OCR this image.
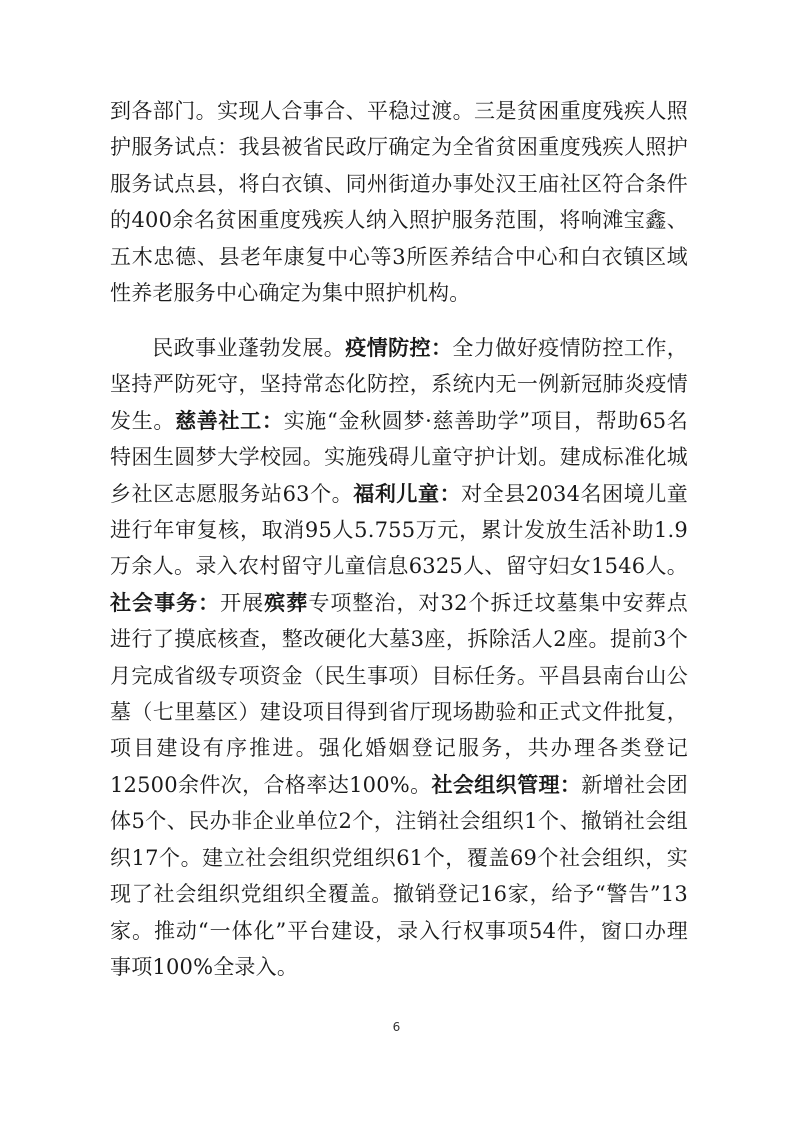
到各部门。实现人合事合、平稳过渡。三是贫困重度残疾人照护服务试点：我县被省民政厅确定为全省贫困重度残疾人照护服务试点县，将白衣镇、同州街道办事处汉王庙社区符合条件的400余名贫困重度残疾人纳入照护服务范围，将响滩宝鑫、五木忠德、县老年康复中心等3所医养结合中心和白衣镇区域性养老服务中心确定为集中照护机构。
民政事业蓬勃发展。疫情防控：全力做好疫情防控工作，坚持严防死守，坚持常态化防控，系统内无一例新冠肺炎疫情发生。慈善社工：实施“金秋圆梦·慈善助学”项目，帮助65名特困生圆梦大学校园。实施残碍儿童守护计划。建成标准化城乡社区志愿服务站63个。福利儿童：对全县2034名困境儿童进行年审复核，取消95人5.755万元，累计发放生活补助1.9万余人。录入农村留守儿童信息6325人、留守妇女1546人。社会事务：开展殡葬专项整治，对32个拆迁坟墓集中安葬点进行了摸底核查，整改硬化大墓3座，拆除活人2座。提前3个月完成省级专项资金（民生事项）目标任务。平昌县南台山公墓（七里墓区）建设项目得到省厅现场勘验和正式文件批复，项目建设有序推进。强化婚姻登记服务，共办理各类登记12500余件次，合格率达100%。社会组织管理：新增社会团体5个、民办非企业单位2个，注销社会组织1个、撤销社会组织17个。建立社会组织党组织61个，覆盖69个社会组织，实现了社会组织党组织全覆盖。撤销登记16家，给予“警告”13家。推动“一体化”平台建设，录入行权事项54件，窗口办理事项100%全录入。
6
